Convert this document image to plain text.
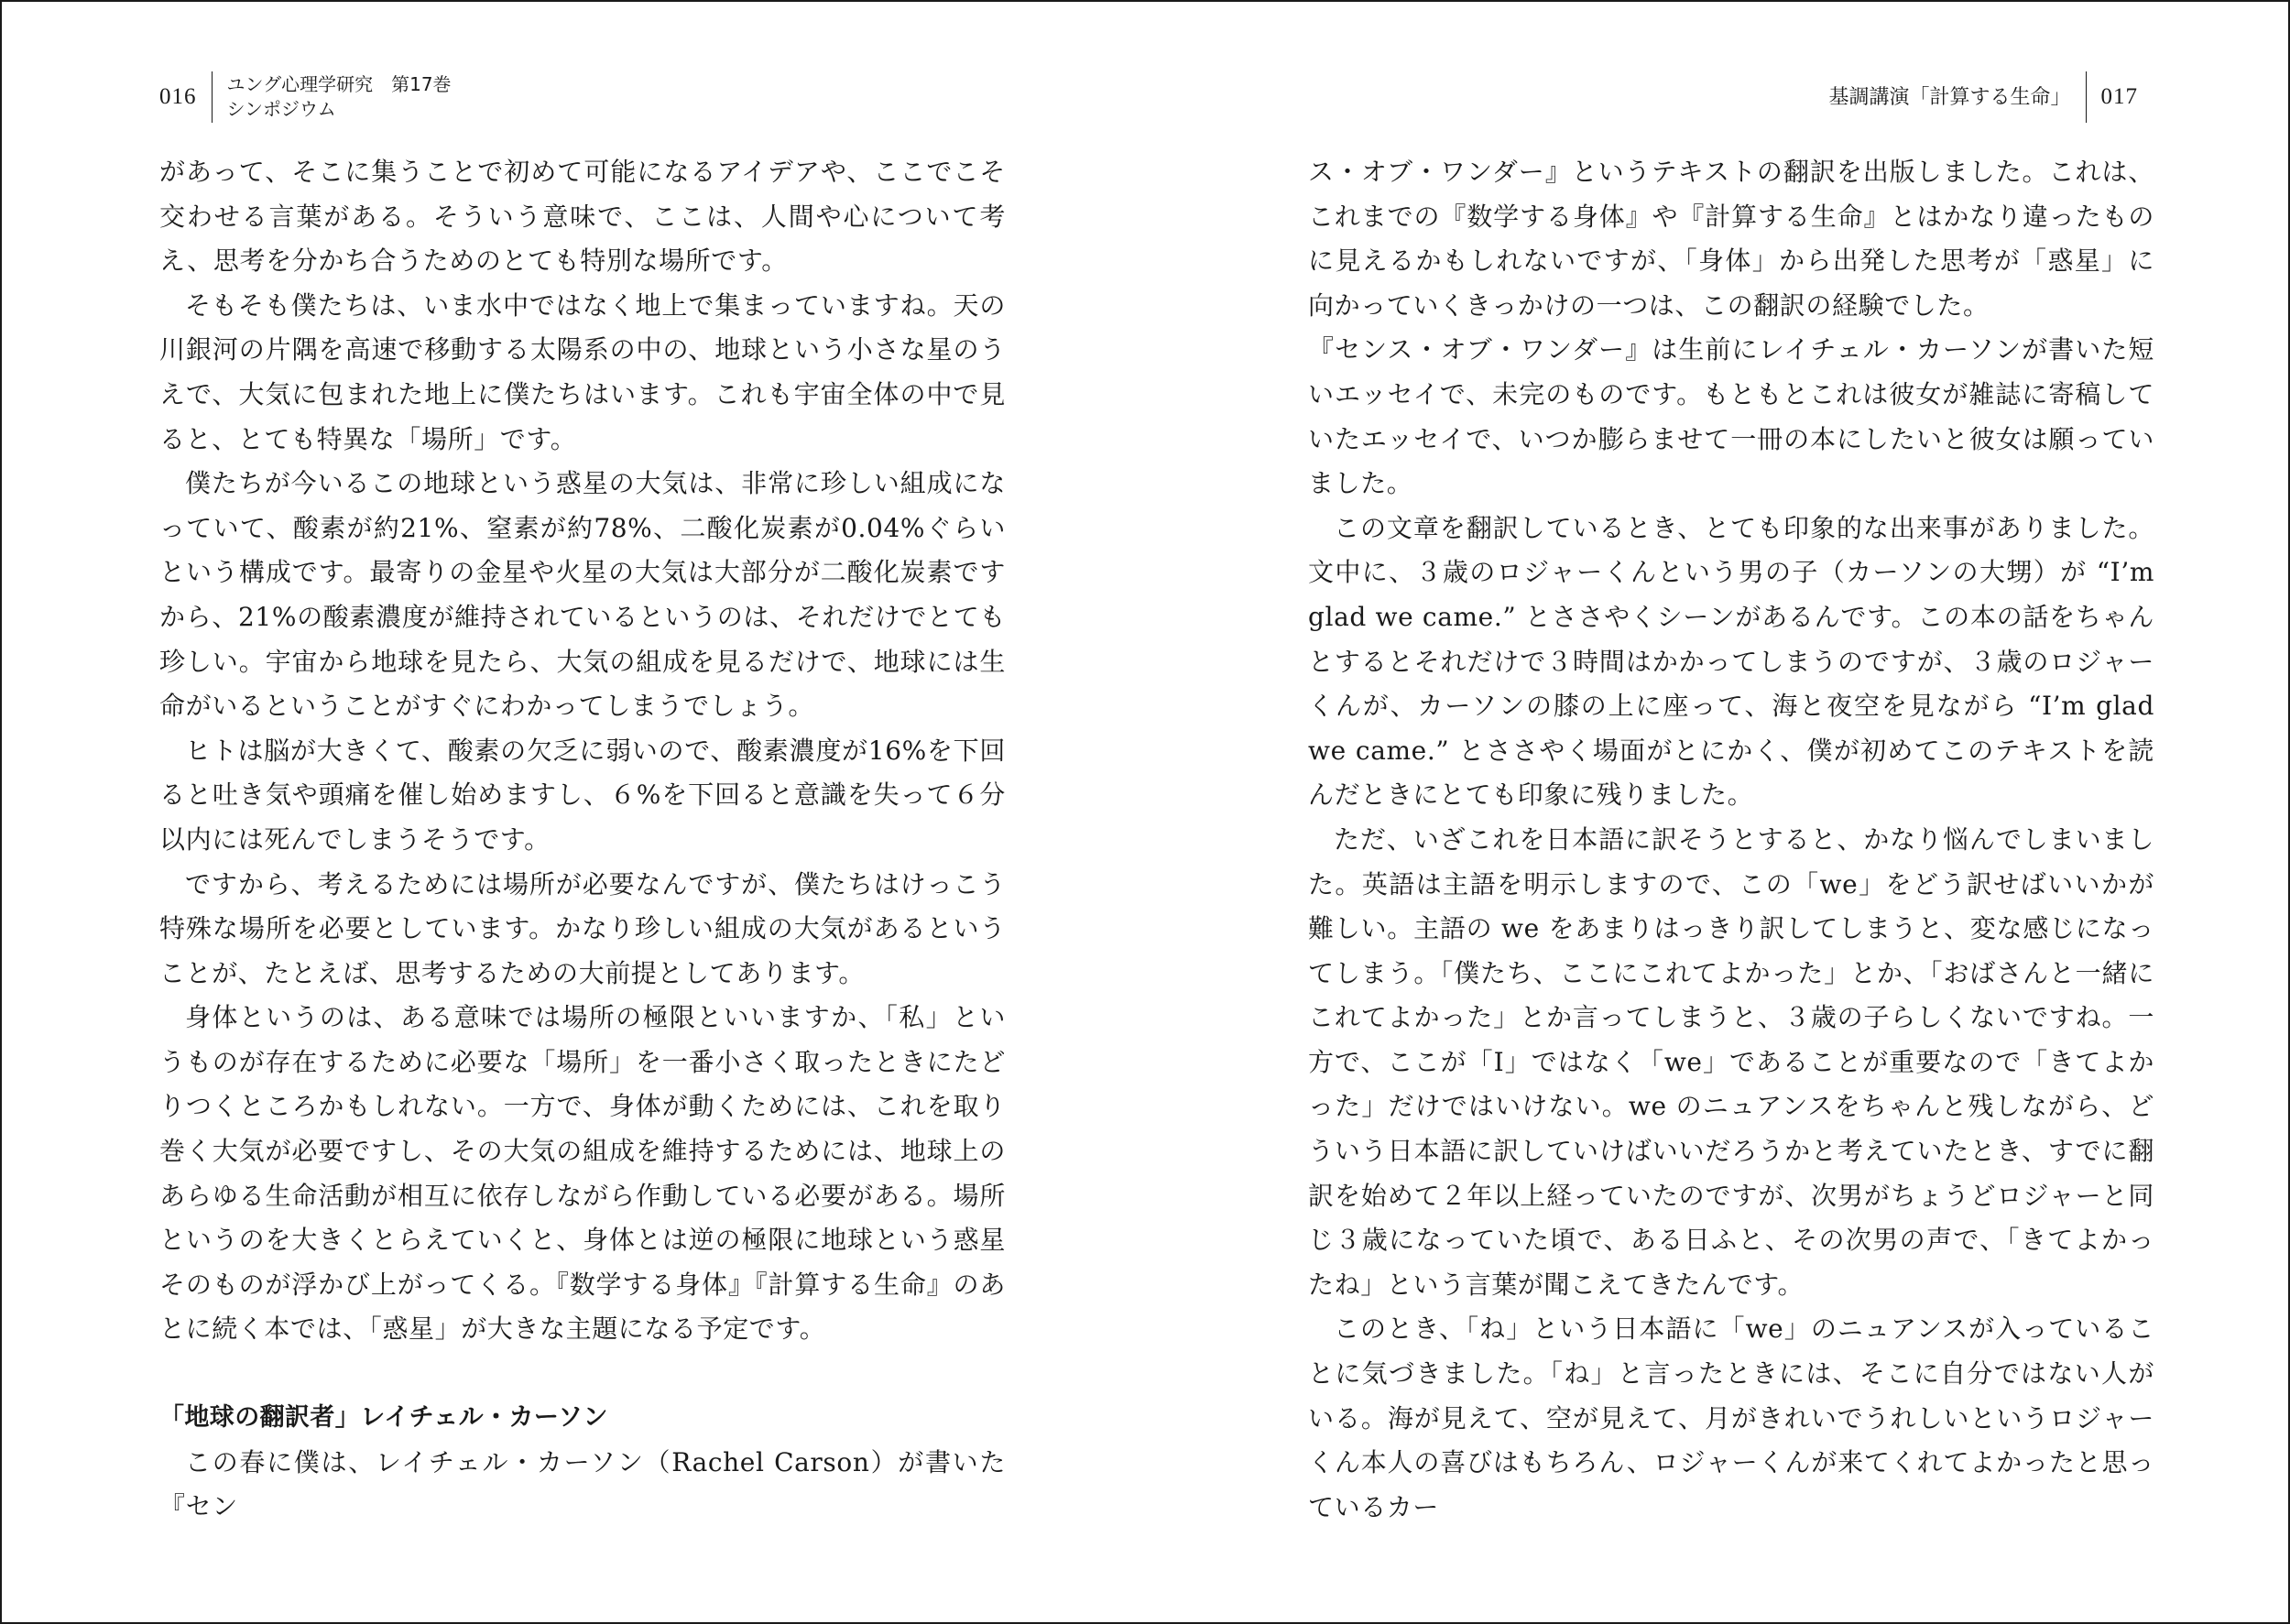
016 ユング心理学研究　第17巻
シンポジウム

があって、そこに集うことで初めて可能になるアイデアや、ここでこそ交わせる言葉がある。そういう意味で、ここは、人間や心について考え、思考を分かち合うためのとても特別な場所です。

そもそも僕たちは、いま水中ではなく地上で集まっていますね。天の川銀河の片隅を高速で移動する太陽系の中の、地球という小さな星のうえで、大気に包まれた地上に僕たちはいます。これも宇宙全体の中で見ると、とても特異な「場所」です。

僕たちが今いるこの地球という惑星の大気は、非常に珍しい組成になっていて、酸素が約21%、窒素が約78%、二酸化炭素が0.04%ぐらいという構成です。最寄りの金星や火星の大気は大部分が二酸化炭素ですから、21%の酸素濃度が維持されているというのは、それだけでとても珍しい。宇宙から地球を見たら、大気の組成を見るだけで、地球には生命がいるということがすぐにわかってしまうでしょう。

ヒトは脳が大きくて、酸素の欠乏に弱いので、酸素濃度が16%を下回ると吐き気や頭痛を催し始めますし、６%を下回ると意識を失って６分以内には死んでしまうそうです。

ですから、考えるためには場所が必要なんですが、僕たちはけっこう特殊な場所を必要としています。かなり珍しい組成の大気があるということが、たとえば、思考するための大前提としてあります。

身体というのは、ある意味では場所の極限といいますか、「私」というものが存在するために必要な「場所」を一番小さく取ったときにたどりつくところかもしれない。一方で、身体が動くためには、これを取り巻く大気が必要ですし、その大気の組成を維持するためには、地球上のあらゆる生命活動が相互に依存しながら作動している必要がある。場所というのを大きくとらえていくと、身体とは逆の極限に地球という惑星そのものが浮かび上がってくる。『数学する身体』『計算する生命』のあとに続く本では、「惑星」が大きな主題になる予定です。

「地球の翻訳者」レイチェル・カーソン

この春に僕は、レイチェル・カーソン（Rachel Carson）が書いた『セン

基調講演「計算する生命」 017

ス・オブ・ワンダー』というテキストの翻訳を出版しました。これは、これまでの『数学する身体』や『計算する生命』とはかなり違ったものに見えるかもしれないですが、「身体」から出発した思考が「惑星」に向かっていくきっかけの一つは、この翻訳の経験でした。

『センス・オブ・ワンダー』は生前にレイチェル・カーソンが書いた短いエッセイで、未完のものです。もともとこれは彼女が雑誌に寄稿していたエッセイで、いつか膨らませて一冊の本にしたいと彼女は願っていました。

この文章を翻訳しているとき、とても印象的な出来事がありました。文中に、３歳のロジャーくんという男の子（カーソンの大甥）が “I’m glad we came.” とささやくシーンがあるんです。この本の話をちゃんとするとそれだけで３時間はかかってしまうのですが、３歳のロジャーくんが、カーソンの膝の上に座って、海と夜空を見ながら “I’m glad we came.” とささやく場面がとにかく、僕が初めてこのテキストを読んだときにとても印象に残りました。

ただ、いざこれを日本語に訳そうとすると、かなり悩んでしまいました。英語は主語を明示しますので、この「we」をどう訳せばいいかが難しい。主語の we をあまりはっきり訳してしまうと、変な感じになってしまう。「僕たち、ここにこれてよかった」とか、「おばさんと一緒にこれてよかった」とか言ってしまうと、３歳の子らしくないですね。一方で、ここが「I」ではなく「we」であることが重要なので「きてよかった」だけではいけない。we のニュアンスをちゃんと残しながら、どういう日本語に訳していけばいいだろうかと考えていたとき、すでに翻訳を始めて２年以上経っていたのですが、次男がちょうどロジャーと同じ３歳になっていた頃で、ある日ふと、その次男の声で、「きてよかったね」という言葉が聞こえてきたんです。

このとき、「ね」という日本語に「we」のニュアンスが入っていることに気づきました。「ね」と言ったときには、そこに自分ではない人がいる。海が見えて、空が見えて、月がきれいでうれしいというロジャーくん本人の喜びはもちろん、ロジャーくんが来てくれてよかったと思っているカー
